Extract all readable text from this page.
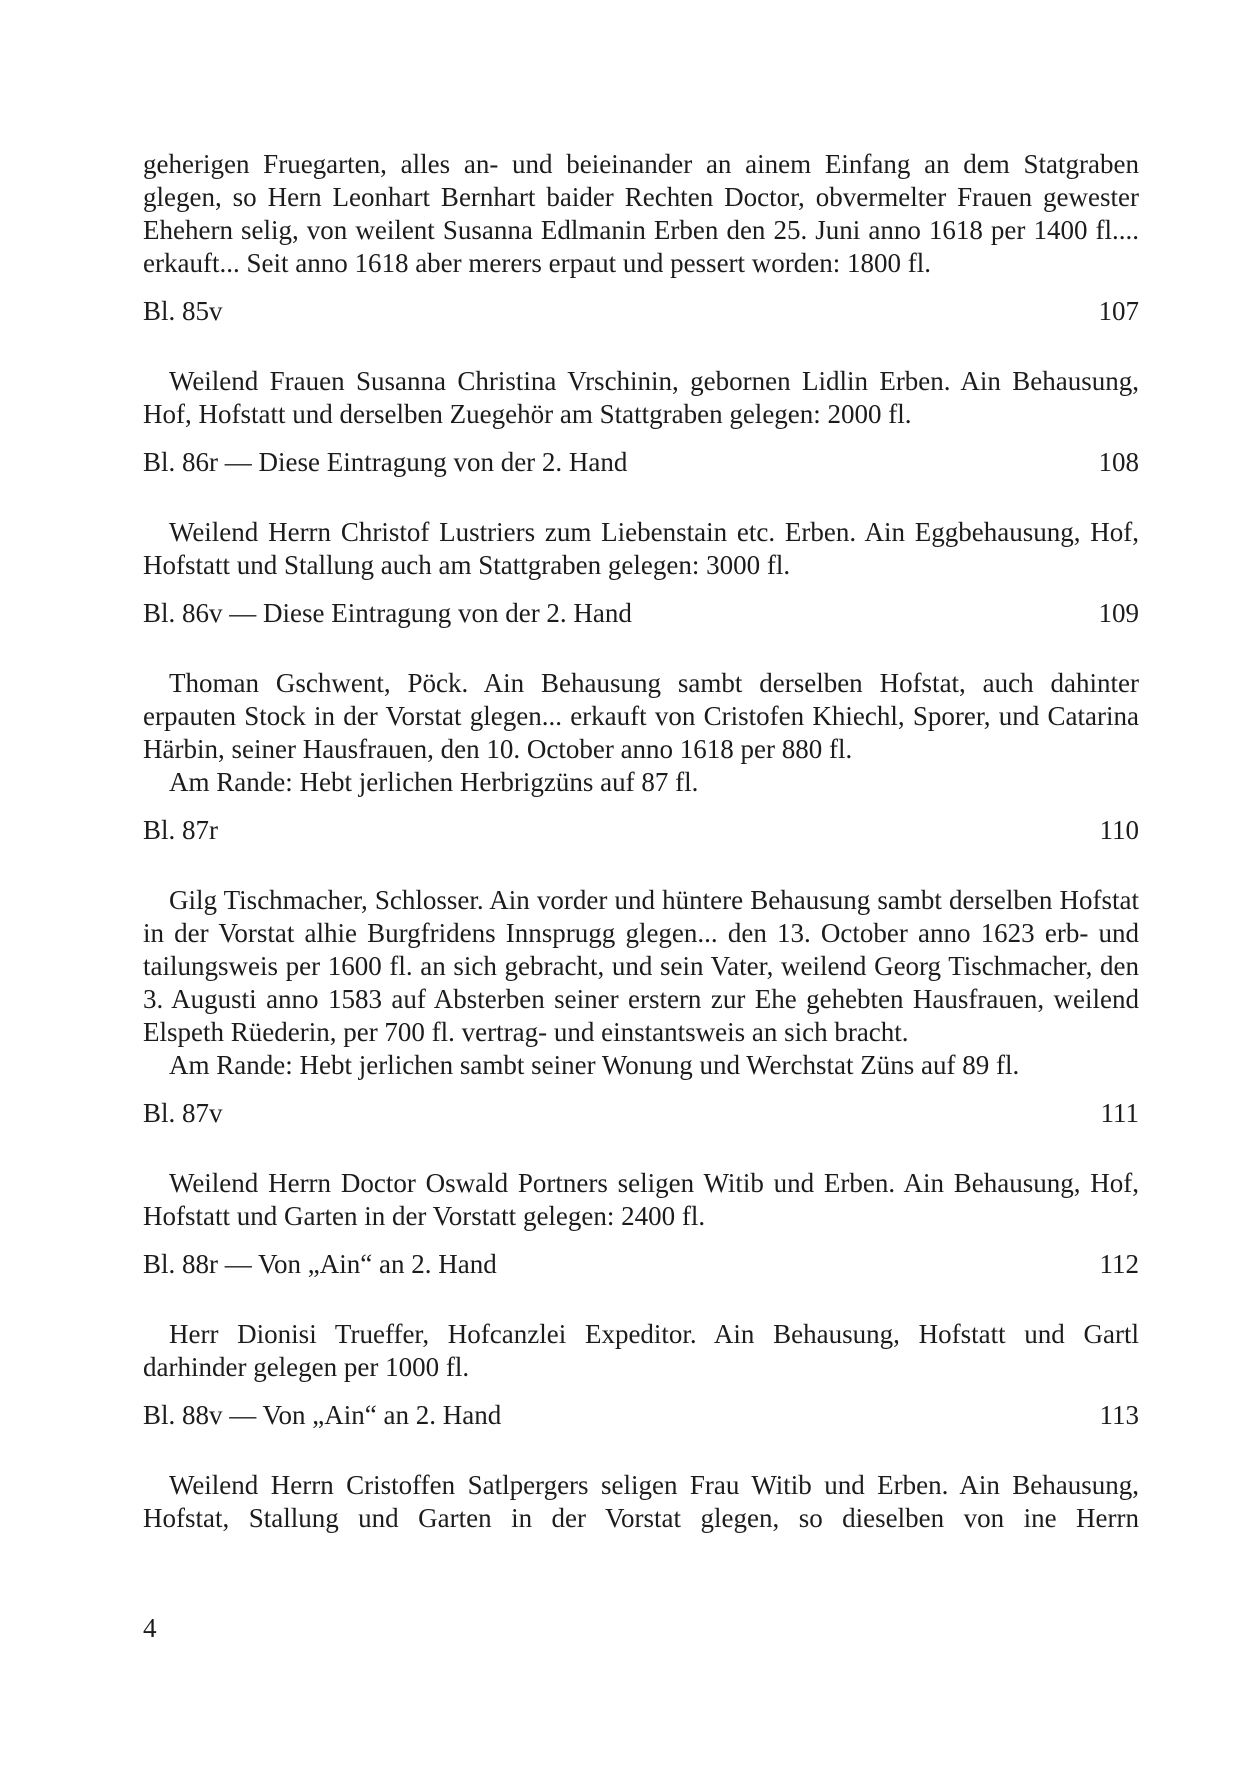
geherigen Fruegarten, alles an- und beieinander an ainem Einfang an dem Statgraben glegen, so Hern Leonhart Bernhart baider Rechten Doctor, obvermelter Frauen gewester Ehehern selig, von weilent Susanna Edlmanin Erben den 25. Juni anno 1618 per 1400 fl.... erkauft... Seit anno 1618 aber merers erpaut und pessert worden: 1800 fl.

Bl. 85v	107

Weilend Frauen Susanna Christina Vrschinin, gebornen Lidlin Erben. Ain Behausung, Hof, Hofstatt und derselben Zuegehör am Stattgraben gelegen: 2000 fl.

Bl. 86r — Diese Eintragung von der 2. Hand	108

Weilend Herrn Christof Lustriers zum Liebenstain etc. Erben. Ain Eggbehausung, Hof, Hofstatt und Stallung auch am Stattgraben gelegen: 3000 fl.

Bl. 86v — Diese Eintragung von der 2. Hand	109

Thoman Gschwent, Pöck. Ain Behausung sambt derselben Hofstat, auch dahinter erpauten Stock in der Vorstat glegen... erkauft von Cristofen Khiechl, Sporer, und Catarina Härbin, seiner Hausfrauen, den 10. October anno 1618 per 880 fl.

Am Rande: Hebt jerlichen Herbrigzüns auf 87 fl.

Bl. 87r	110

Gilg Tischmacher, Schlosser. Ain vorder und hüntere Behausung sambt derselben Hofstat in der Vorstat alhie Burgfridens Innsprugg glegen... den 13. October anno 1623 erb- und tailungsweis per 1600 fl. an sich gebracht, und sein Vater, weilend Georg Tischmacher, den 3. Augusti anno 1583 auf Absterben seiner erstern zur Ehe gehebten Hausfrauen, weilend Elspeth Rüederin, per 700 fl. vertrag- und einstantsweis an sich bracht.

Am Rande: Hebt jerlichen sambt seiner Wonung und Werchstat Züns auf 89 fl.

Bl. 87v	111

Weilend Herrn Doctor Oswald Portners seligen Witib und Erben. Ain Behausung, Hof, Hofstatt und Garten in der Vorstatt gelegen: 2400 fl.

Bl. 88r — Von „Ain“ an 2. Hand	112

Herr Dionisi Trueffer, Hofcanzlei Expeditor. Ain Behausung, Hofstatt und Gartl darhinder gelegen per 1000 fl.

Bl. 88v — Von „Ain“ an 2. Hand	113

Weilend Herrn Cristoffen Satlpergers seligen Frau Witib und Erben. Ain Behausung, Hofstat, Stallung und Garten in der Vorstat glegen, so dieselben von ine Herrn

4
